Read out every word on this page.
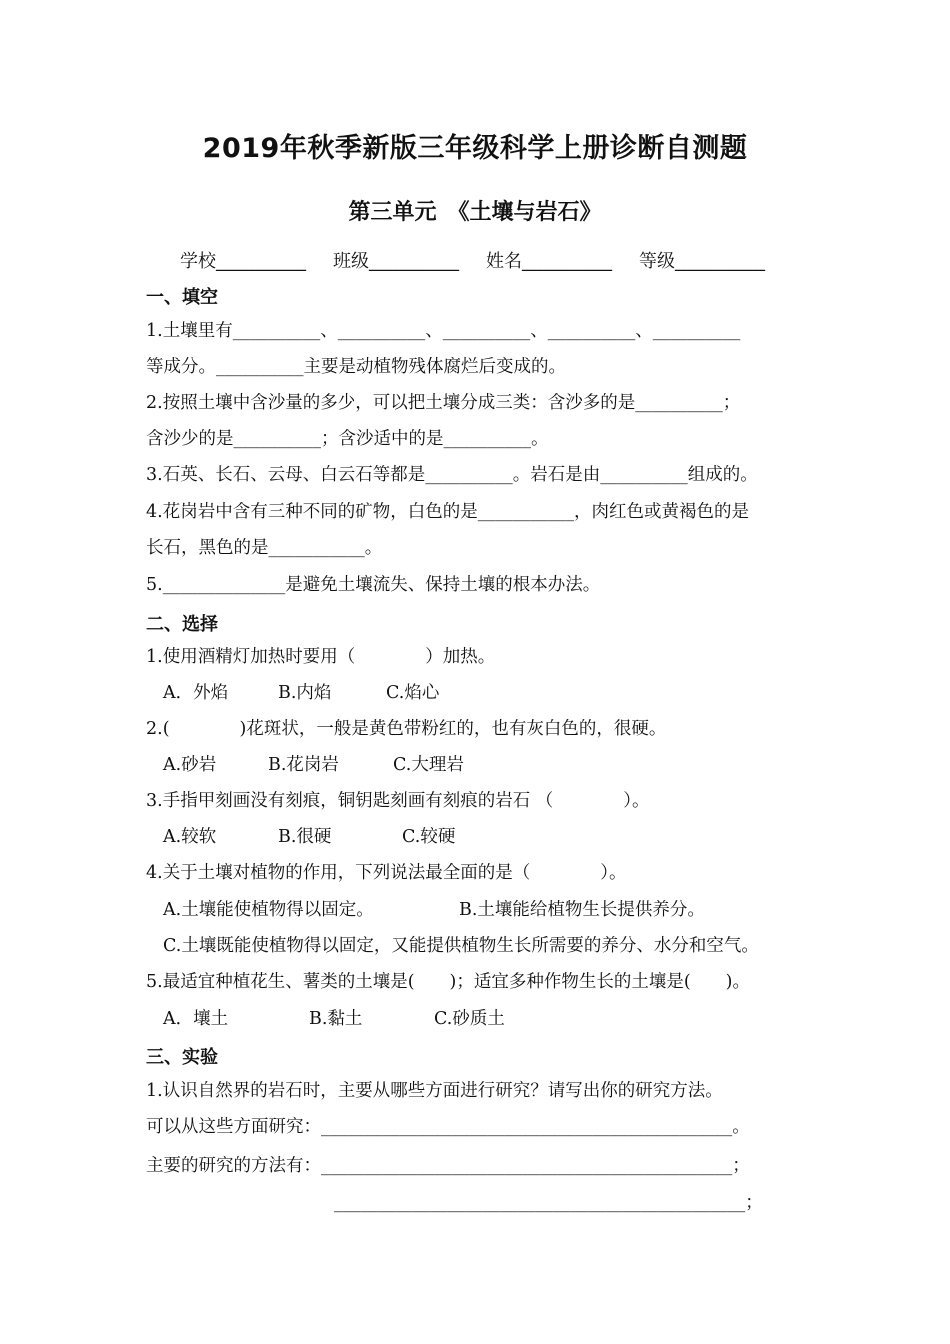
2019年秋季新版三年级科学上册诊断自测题
第三单元　《土壤与岩石》
学校__________ 班级__________ 姓名__________ 等级__________
一、填空
1.土壤里有__________、__________、__________、__________、__________
等成分。__________主要是动植物残体腐烂后变成的。
2.按照土壤中含沙量的多少，可以把土壤分成三类：含沙多的是__________；
含沙少的是__________；含沙适中的是__________。
3.石英、长石、云母、白云石等都是__________。岩石是由__________组成的。
4.花岗岩中含有三种不同的矿物，白色的是___________，肉红色或黄褐色的是
长石，黑色的是___________。
5.______________是避免土壤流失、保持土壤的根本办法。
二、选择
1.使用酒精灯加热时要用（　　　　）加热。
A．外焰	B.内焰	C.焰心
2.(　　　　)花斑状，一般是黄色带粉红的，也有灰白色的，很硬。
A.砂岩	B.花岗岩	C.大理岩
3.手指甲刻画没有刻痕，铜钥匙刻画有刻痕的岩石 （　　　　）。
A.较软	B.很硬	C.较硬
4.关于土壤对植物的作用，下列说法最全面的是（　　　　）。
A.土壤能使植物得以固定。	B.土壤能给植物生长提供养分。
C.土壤既能使植物得以固定，又能提供植物生长所需要的养分、水分和空气。
5.最适宜种植花生、薯类的土壤是(　　)；适宜多种作物生长的土壤是(　　)。
A．壤土	B.黏土	C.砂质土
三、实验
1.认识自然界的岩石时，主要从哪些方面进行研究？请写出你的研究方法。
可以从这些方面研究：_______________________________________________。
主要的研究的方法有：_______________________________________________；
_______________________________________________；
